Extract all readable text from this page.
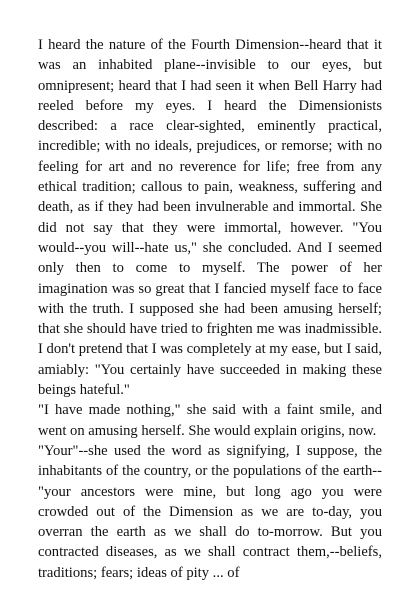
I heard the nature of the Fourth Dimension--heard that it was an inhabited plane--invisible to our eyes, but omnipresent; heard that I had seen it when Bell Harry had reeled before my eyes. I heard the Dimensionists described: a race clear-sighted, eminently practical, incredible; with no ideals, prejudices, or remorse; with no feeling for art and no reverence for life; free from any ethical tradition; callous to pain, weakness, suffering and death, as if they had been invulnerable and immortal. She did not say that they were immortal, however. "You would--you will--hate us," she concluded. And I seemed only then to come to myself. The power of her imagination was so great that I fancied myself face to face with the truth. I supposed she had been amusing herself; that she should have tried to frighten me was inadmissible. I don't pretend that I was completely at my ease, but I said, amiably: "You certainly have succeeded in making these beings hateful."

"I have made nothing," she said with a faint smile, and went on amusing herself. She would explain origins, now.

"Your"--she used the word as signifying, I suppose, the inhabitants of the country, or the populations of the earth--"your ancestors were mine, but long ago you were crowded out of the Dimension as we are to-day, you overran the earth as we shall do to-morrow. But you contracted diseases, as we shall contract them,--beliefs, traditions; fears; ideas of pity ... of
